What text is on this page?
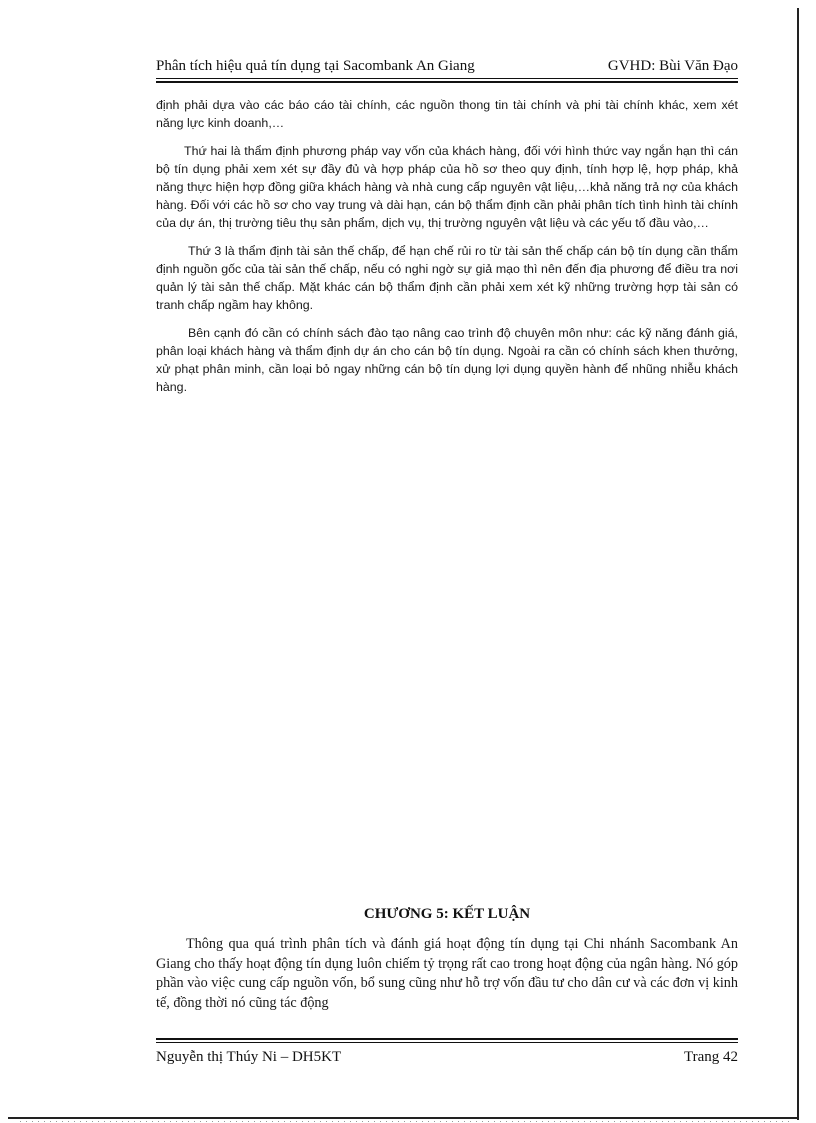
Phân tích hiệu quả tín dụng tại Sacombank An Giang	GVHD: Bùi Văn Đạo

định phải dựa vào các báo cáo tài chính, các nguồn thong tin tài chính và phi tài chính khác, xem xét năng lực kinh doanh,…

Thứ hai là thẩm định phương pháp vay vốn của khách hàng, đối với hình thức vay ngắn hạn thì cán bộ tín dụng phải xem xét sự đầy đủ và hợp pháp của hồ sơ theo quy định, tính hợp lệ, hợp pháp, khả năng thực hiện hợp đồng giữa khách hàng và nhà cung cấp nguyên vật liệu,…khả năng trả nợ của khách hàng. Đối với các hồ sơ cho vay trung và dài hạn, cán bộ thẩm định cần phải phân tích tình hình tài chính của dự án, thị trường tiêu thụ sản phẩm, dịch vụ, thị trường nguyên vật liệu và các yếu tố đầu vào,…

Thứ 3 là thẩm định tài sản thế chấp, để hạn chế rủi ro từ tài sản thế chấp cán bộ tín dụng cần thẩm định nguồn gốc của tài sản thế chấp, nếu có nghi ngờ sự giả mạo thì nên đến địa phương để điều tra nơi quản lý tài sản thế chấp. Mặt khác cán bộ thẩm định cần phải xem xét kỹ những trường hợp tài sản có tranh chấp ngầm hay không.

Bên cạnh đó cần có chính sách đào tạo nâng cao trình độ chuyên môn như: các kỹ năng đánh giá, phân loại khách hàng và thẩm định dự án cho cán bộ tín dụng. Ngoài ra cần có chính sách khen thưởng, xử phạt phân minh, cần loại bỏ ngay những cán bộ tín dụng lợi dụng quyền hành để nhũng nhiễu khách hàng.

CHƯƠNG 5: KẾT LUẬN

Thông qua quá trình phân tích và đánh giá hoạt động tín dụng tại Chi nhánh Sacombank An Giang cho thấy hoạt động tín dụng luôn chiếm tỷ trọng rất cao trong hoạt động của ngân hàng. Nó góp phần vào việc cung cấp nguồn vốn, bổ sung cũng như hỗ trợ vốn đầu tư cho dân cư và các đơn vị kinh tế, đồng thời nó cũng tác động

Nguyễn thị Thúy Ni – DH5KT	Trang 42
